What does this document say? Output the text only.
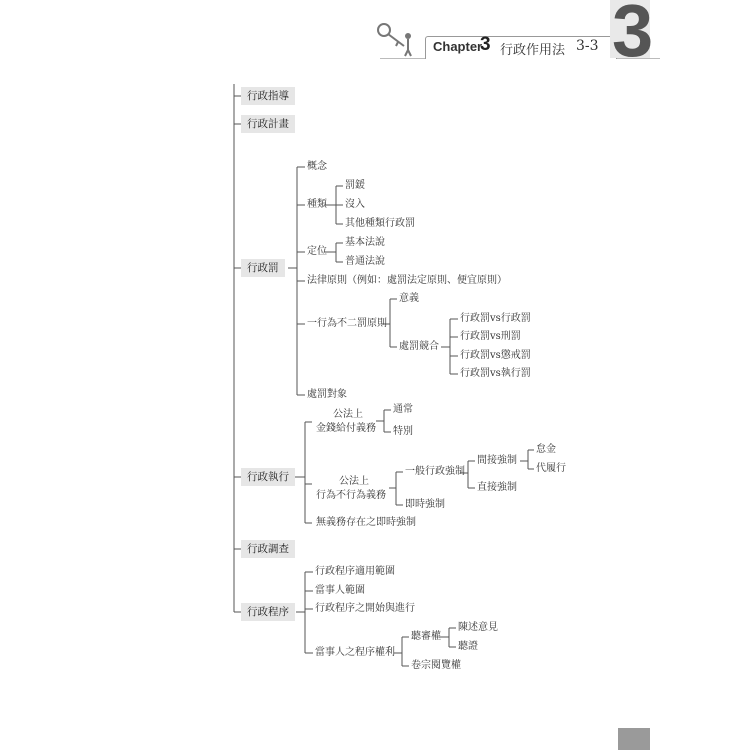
Chapter
3 行政作用法 3-3 3
行政指導
行政計畫
行政罰
行政執行
行政調查
行政程序
概念
種類
罰鍰
沒入
其他種類行政罰
定位
基本法說
普通法說
法律原則（例如：處罰法定原則、便宜原則）
一行為不二罰原則
意義
處罰競合
行政罰vs行政罰
行政罰vs刑罰
行政罰vs懲戒罰
行政罰vs執行罰
處罰對象
公法上
金錢給付義務
通常
特別
公法上
行為不行為義務
一般行政強制
間接強制
怠金
代履行
直接強制
即時強制
無義務存在之即時強制
行政程序適用範圍
當事人範圍
行政程序之開始與進行
當事人之程序權利
聽審權
陳述意見
聽證
卷宗閱覽權
